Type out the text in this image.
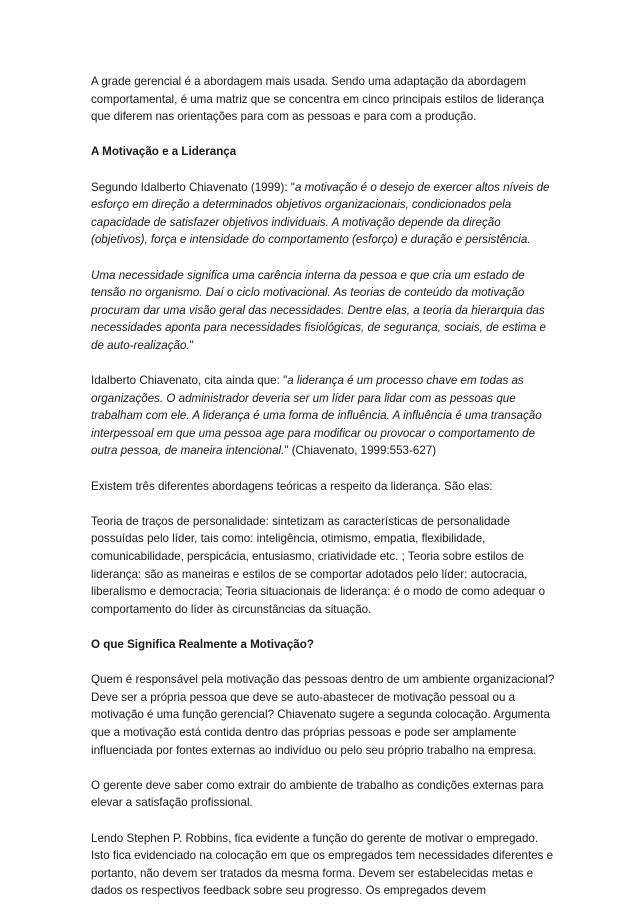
A grade gerencial é a abordagem mais usada. Sendo uma adaptação da abordagem comportamental, é uma matriz que se concentra em cinco principais estilos de liderança que diferem nas orientações para com as pessoas e para com a produção.

A Motivação e a Liderança

Segundo Idalberto Chiavenato (1999): "a motivação é o desejo de exercer altos níveis de esforço em direção a determinados objetivos organizacionais, condicionados pela capacidade de satisfazer objetivos individuais. A motivação depende da direção (objetivos), força e intensidade do comportamento (esforço) e duração e persistência.

Uma necessidade significa uma carência interna da pessoa e que cria um estado de tensão no organismo. Daí o ciclo motivacional. As teorias de conteúdo da motivação procuram dar uma visão geral das necessidades. Dentre elas, a teoria da hierarquia das necessidades aponta para necessidades fisiológicas, de segurança, sociais, de estima e de auto-realização."

Idalberto Chiavenato, cita ainda que: "a liderança é um processo chave em todas as organizações. O administrador deveria ser um líder para lidar com as pessoas que trabalham com ele. A liderança é uma forma de influência. A influência é uma transação interpessoal em que uma pessoa age para modificar ou provocar o comportamento de outra pessoa, de maneira intencional." (Chiavenato, 1999:553-627)

Existem três diferentes abordagens teóricas a respeito da liderança. São elas:

Teoria de traços de personalidade: sintetizam as características de personalidade possuídas pelo líder, tais como: inteligência, otimismo, empatia, flexibilidade, comunicabilidade, perspicácia, entusiasmo, criatividade etc. ; Teoria sobre estilos de liderança: são as maneiras e estilos de se comportar adotados pelo líder: autocracia, liberalismo e democracia; Teoria situacionais de liderança: é o modo de como adequar o comportamento do líder às circunstâncias da situação.

O que Significa Realmente a Motivação?

Quem é responsável pela motivação das pessoas dentro de um ambiente organizacional? Deve ser a própria pessoa que deve se auto-abastecer de motivação pessoal ou a motivação é uma função gerencial? Chiavenato sugere a segunda colocação. Argumenta que a motivação está contida dentro das próprias pessoas e pode ser amplamente influenciada por fontes externas ao indivíduo ou pelo seu próprio trabalho na empresa.

O gerente deve saber como extrair do ambiente de trabalho as condições externas para elevar a satisfação profissional.

Lendo Stephen P. Robbins, fica evidente a função do gerente de motivar o empregado. Isto fica evidenciado na colocação em que os empregados tem necessidades diferentes e portanto, não devem ser tratados da mesma forma. Devem ser estabelecidas metas e dados os respectivos feedback sobre seu progresso. Os empregados devem
